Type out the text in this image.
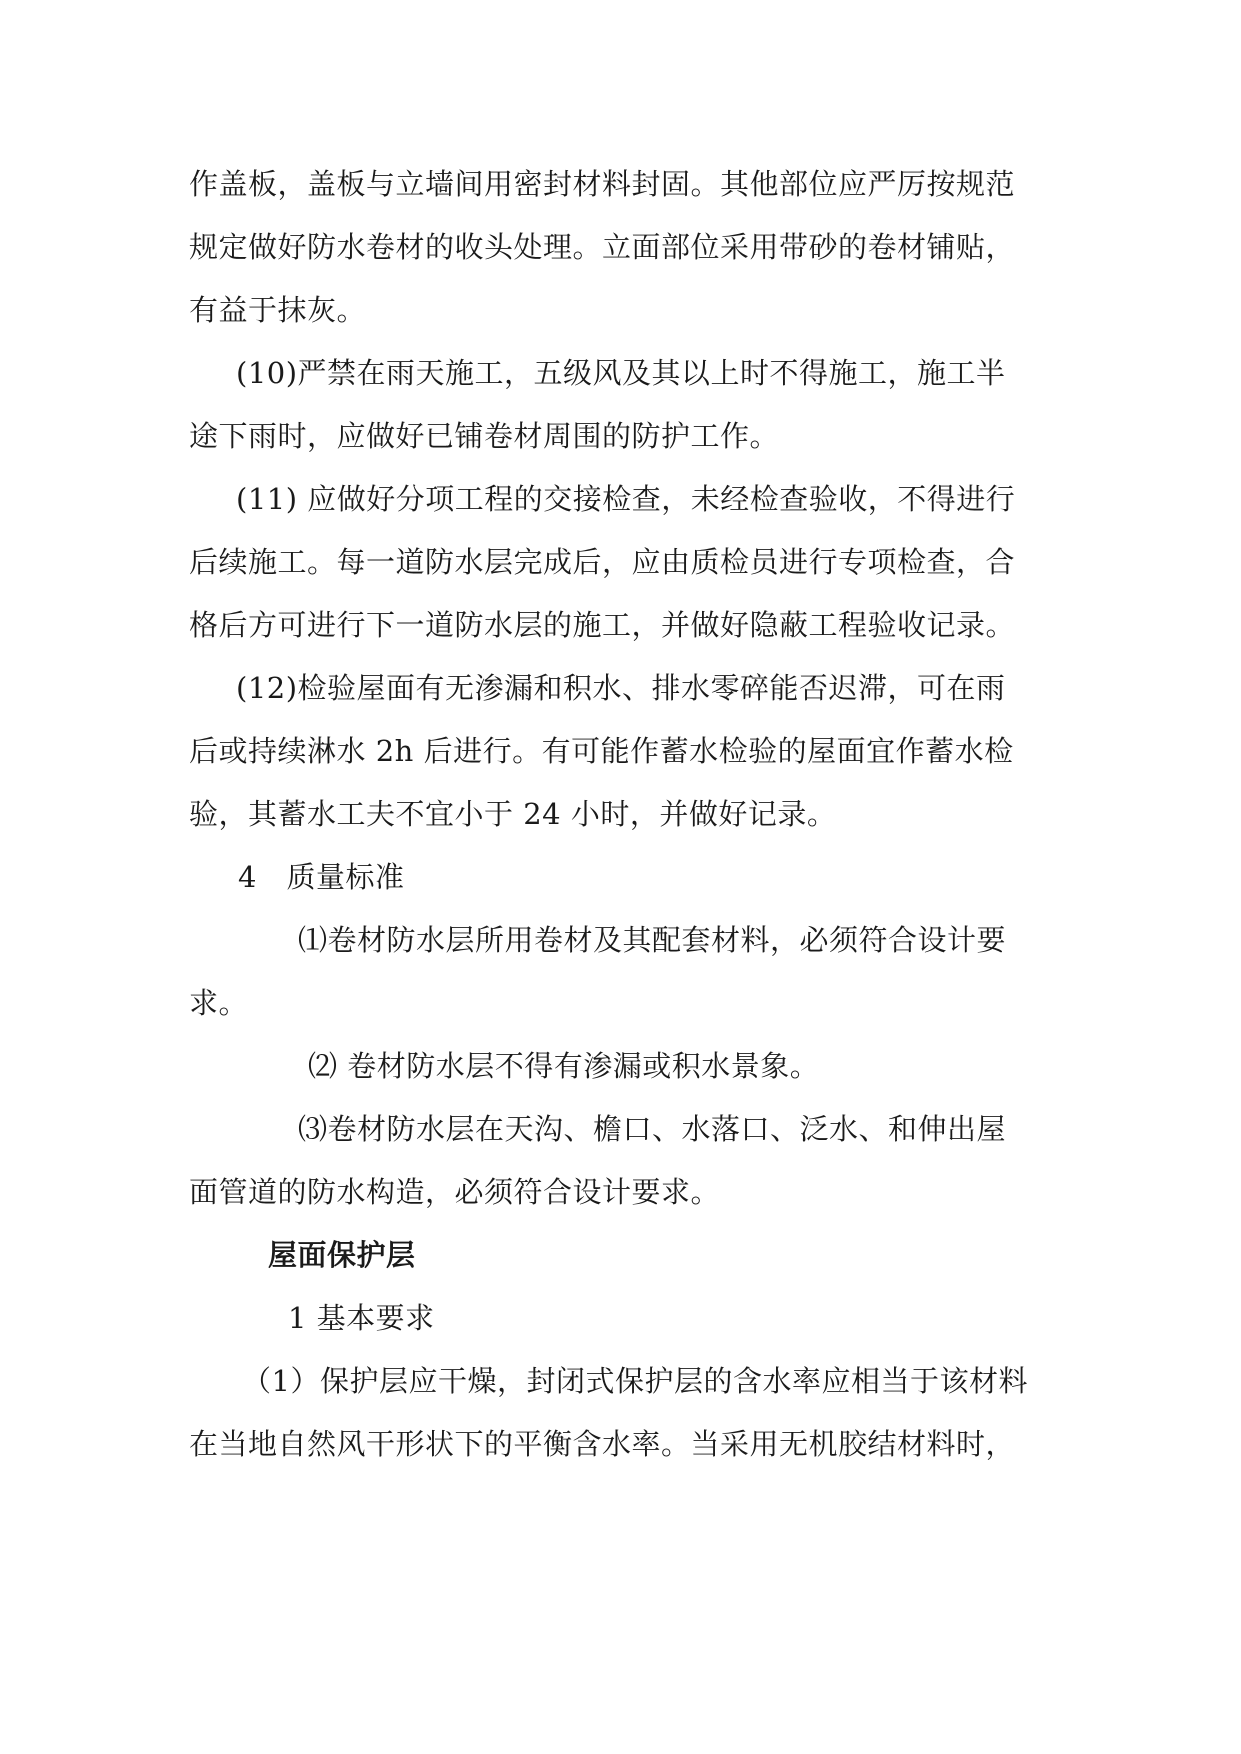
作盖板，盖板与立墙间用密封材料封固。其他部位应严厉按规范
规定做好防水卷材的收头处理。立面部位采用带砂的卷材铺贴，
有益于抹灰。
(10)严禁在雨天施工，五级风及其以上时不得施工，施工半
途下雨时，应做好已铺卷材周围的防护工作。
(11) 应做好分项工程的交接检查，未经检查验收，不得进行
后续施工。每一道防水层完成后，应由质检员进行专项检查，合
格后方可进行下一道防水层的施工，并做好隐蔽工程验收记录。
(12)检验屋面有无渗漏和积水、排水零碎能否迟滞，可在雨
后或持续淋水 2h 后进行。有可能作蓄水检验的屋面宜作蓄水检
验，其蓄水工夫不宜小于 24 小时，并做好记录。
4　质量标准
⑴卷材防水层所用卷材及其配套材料，必须符合设计要
求。
⑵ 卷材防水层不得有渗漏或积水景象。
⑶卷材防水层在天沟、檐口、水落口、泛水、和伸出屋
面管道的防水构造，必须符合设计要求。
屋面保护层
1 基本要求
（1）保护层应干燥，封闭式保护层的含水率应相当于该材料
在当地自然风干形状下的平衡含水率。当采用无机胶结材料时，
